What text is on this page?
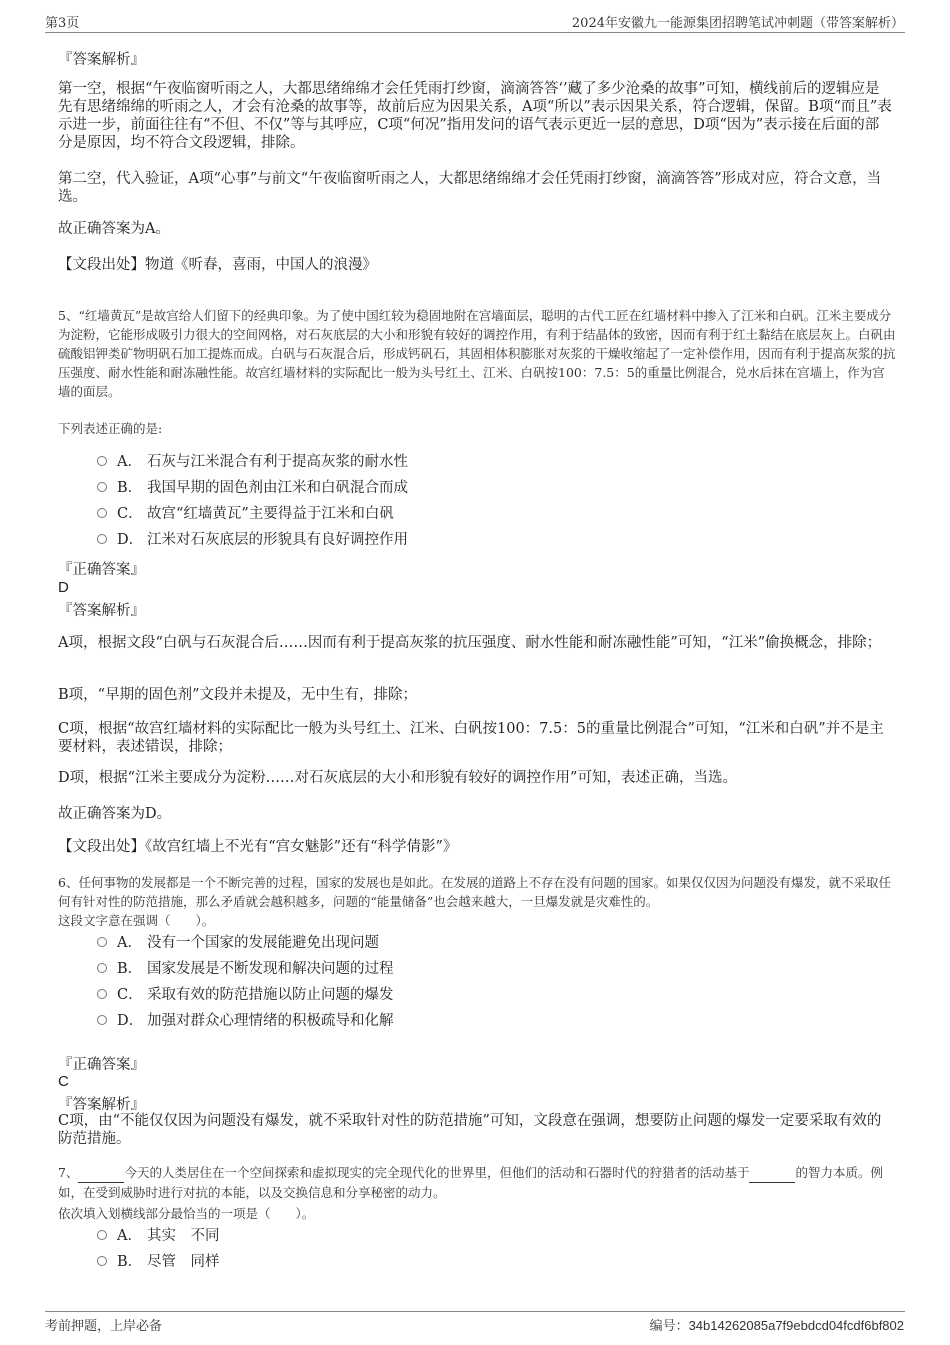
第3页	2024年安徽九一能源集团招聘笔试冲刺题（带答案解析）
『答案解析』
第一空，根据“午夜临窗听雨之人，大都思绪绵绵才会任凭雨打纱窗，滴滴答答‘’藏了多少沧桑的故事”可知，横线前后的逻辑应是先有思绪绵绵的听雨之人，才会有沧桑的故事等，故前后应为因果关系，A项“所以”表示因果关系，符合逻辑，保留。B项“而且”表示进一步，前面往往有“不但、不仅”等与其呼应，C项“何况”指用发问的语气表示更近一层的意思，D项“因为”表示接在后面的部分是原因，均不符合文段逻辑，排除。
第二空，代入验证，A项“心事”与前文“午夜临窗听雨之人，大都思绪绵绵才会任凭雨打纱窗，滴滴答答”形成对应，符合文意，当选。
故正确答案为A。
【文段出处】物道《听春，喜雨，中国人的浪漫》
5、“红墙黄瓦”是故宫给人们留下的经典印象。为了使中国红较为稳固地附在宫墙面层，聪明的古代工匠在红墙材料中掺入了江米和白矾。江米主要成分为淀粉，它能形成吸引力很大的空间网格，对石灰底层的大小和形貌有较好的调控作用，有利于结晶体的致密，因而有利于红土黏结在底层灰上。白矾由硫酸铝钾类矿物明矾石加工提炼而成。白矾与石灰混合后，形成钙矾石，其固相体积膨胀对灰浆的干燥收缩起了一定补偿作用，因而有利于提高灰浆的抗压强度、耐水性能和耐冻融性能。故宫红墙材料的实际配比一般为头号红土、江米、白矾按100：7.5：5的重量比例混合，兑水后抹在宫墙上，作为宫墙的面层。
下列表述正确的是:
A． 石灰与江米混合有利于提高灰浆的耐水性
B． 我国早期的固色剂由江米和白矾混合而成
C． 故宫“红墙黄瓦”主要得益于江米和白矾
D． 江米对石灰底层的形貌具有良好调控作用
『正确答案』
D
『答案解析』
A项，根据文段“白矾与石灰混合后……因而有利于提高灰浆的抗压强度、耐水性能和耐冻融性能”可知，“江米”偷换概念，排除；
B项，“早期的固色剂”文段并未提及，无中生有，排除；
C项，根据“故宫红墙材料的实际配比一般为头号红土、江米、白矾按100：7.5：5的重量比例混合”可知，“江米和白矾”并不是主要材料，表述错误，排除；
D项，根据“江米主要成分为淀粉……对石灰底层的大小和形貌有较好的调控作用”可知，表述正确，当选。
故正确答案为D。
【文段出处】《故宫红墙上不光有“宫女魅影”还有“科学倩影”》
6、任何事物的发展都是一个不断完善的过程，国家的发展也是如此。在发展的道路上不存在没有问题的国家。如果仅仅因为问题没有爆发，就不采取任何有针对性的防范措施，那么矛盾就会越积越多，问题的“能量储备”也会越来越大，一旦爆发就是灾难性的。
这段文字意在强调（　　）。
A． 没有一个国家的发展能避免出现问题
B． 国家发展是不断发现和解决问题的过程
C． 采取有效的防范措施以防止问题的爆发
D． 加强对群众心理情绪的积极疏导和化解
『正确答案』
C
『答案解析』
C项，由“不能仅仅因为问题没有爆发，就不采取针对性的防范措施”可知，文段意在强调，想要防止问题的爆发一定要采取有效的防范措施。
7、	今天的人类居住在一个空间探索和虚拟现实的完全现代化的世界里，但他们的活动和石器时代的狩猎者的活动基于	的智力本质。例如，在受到威胁时进行对抗的本能，以及交换信息和分享秘密的动力。
依次填入划横线部分最恰当的一项是（　　）。
A． 其实　不同
B． 尽管　同样
考前押题，上岸必备	编号：34b14262085a7f9ebdcd04fcdf6bf802
